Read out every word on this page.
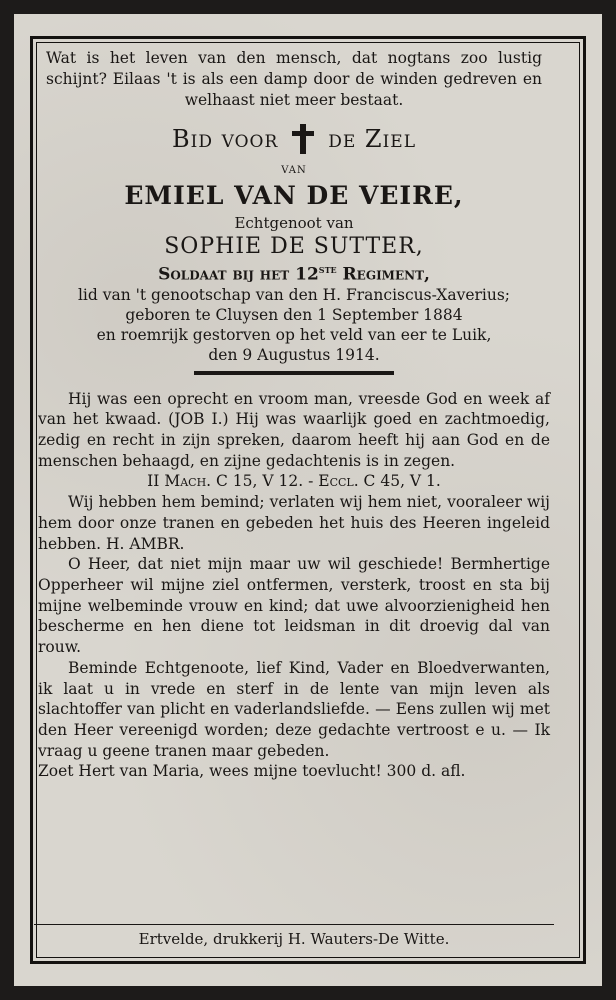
Wat is het leven van den mensch, dat nogtans zoo lustig schijnt? Eilaas 't is als een damp door de winden gedreven en welhaast niet meer bestaat.
Bid voor de Ziel
van
EMIEL VAN DE VEIRE,
Echtgenoot van
SOPHIE DE SUTTER,
Soldaat bij het 12ste Regiment,
lid van 't genootschap van den H. Franciscus-Xaverius;
geboren te Cluysen den 1 September 1884
en roemrijk gestorven op het veld van eer te Luik,
den 9 Augustus 1914.

Hij was een oprecht en vroom man, vreesde God en week af van het kwaad. (JOB I.) Hij was waarlijk goed en zachtmoedig, zedig en recht in zijn spreken, daarom heeft hij aan God en de menschen behaagd, en zijne gedachtenis is in zegen.

II Mach. C 15, V 12. - Eccl. C 45, V 1.

Wij hebben hem bemind; verlaten wij hem niet, vooraleer wij hem door onze tranen en gebeden het huis des Heeren ingeleid hebben. H. AMBR.

O Heer, dat niet mijn maar uw wil geschiede! Bermhertige Opperheer wil mijne ziel ontfermen, versterk, troost en sta bij mijne welbeminde vrouw en kind; dat uwe alvoorzienigheid hen bescherme en hen diene tot leidsman in dit droevig dal van rouw.

Beminde Echtgenoote, lief Kind, Vader en Bloedverwanten, ik laat u in vrede en sterf in de lente van mijn leven als slachtoffer van plicht en vaderlandsliefde. — Eens zullen wij met den Heer vereenigd worden; deze gedachte vertroost e u. — Ik vraag u geene tranen maar gebeden.

Zoet Hert van Maria, wees mijne toevlucht! 300 d. afl.
Ertvelde, drukkerij H. Wauters-De Witte.
